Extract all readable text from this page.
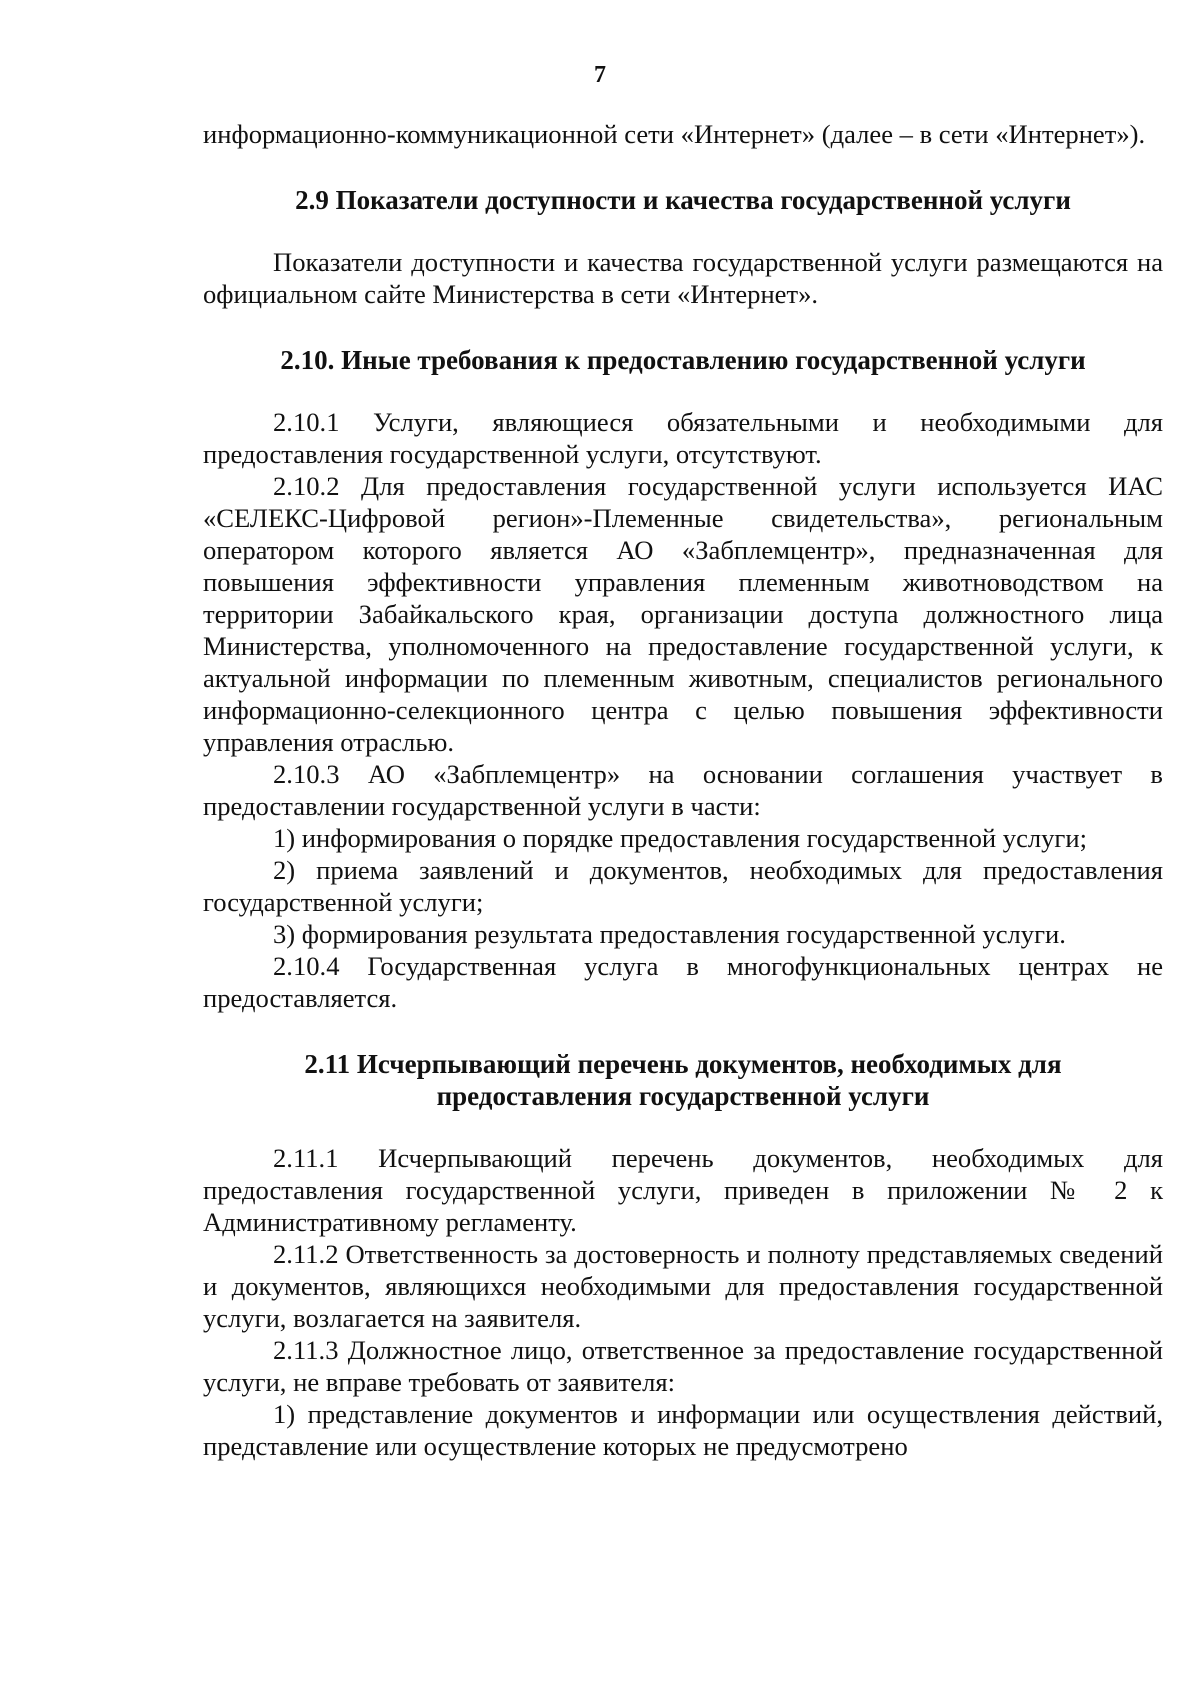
7

информационно-коммуникационной сети «Интернет» (далее – в сети «Интернет»).

2.9 Показатели доступности и качества государственной услуги

Показатели доступности и качества государственной услуги размещаются на официальном сайте Министерства в сети «Интернет».

2.10. Иные требования к предоставлению государственной услуги

2.10.1 Услуги, являющиеся обязательными и необходимыми для предоставления государственной услуги, отсутствуют.

2.10.2 Для предоставления государственной услуги используется ИАС «СЕЛЕКС-Цифровой регион»-Племенные свидетельства», региональным оператором которого является АО «Забплемцентр», предназначенная для повышения эффективности управления племенным животноводством на территории Забайкальского края, организации доступа должностного лица Министерства, уполномоченного на предоставление государственной услуги, к актуальной информации по племенным животным, специалистов регионального информационно-селекционного центра с целью повышения эффективности управления отраслью.

2.10.3 АО «Забплемцентр» на основании соглашения участвует в предоставлении государственной услуги в части:

1) информирования о порядке предоставления государственной услуги;

2) приема заявлений и документов, необходимых для предоставления государственной услуги;

3) формирования результата предоставления государственной услуги.

2.10.4 Государственная услуга в многофункциональных центрах не предоставляется.

2.11 Исчерпывающий перечень документов, необходимых для
предоставления государственной услуги

2.11.1 Исчерпывающий перечень документов, необходимых для предоставления государственной услуги, приведен в приложении № 2 к Административному регламенту.

2.11.2 Ответственность за достоверность и полноту представляемых сведений и документов, являющихся необходимыми для предоставления государственной услуги, возлагается на заявителя.

2.11.3 Должностное лицо, ответственное за предоставление государственной услуги, не вправе требовать от заявителя:

1) представление документов и информации или осуществления действий, представление или осуществление которых не предусмотрено
